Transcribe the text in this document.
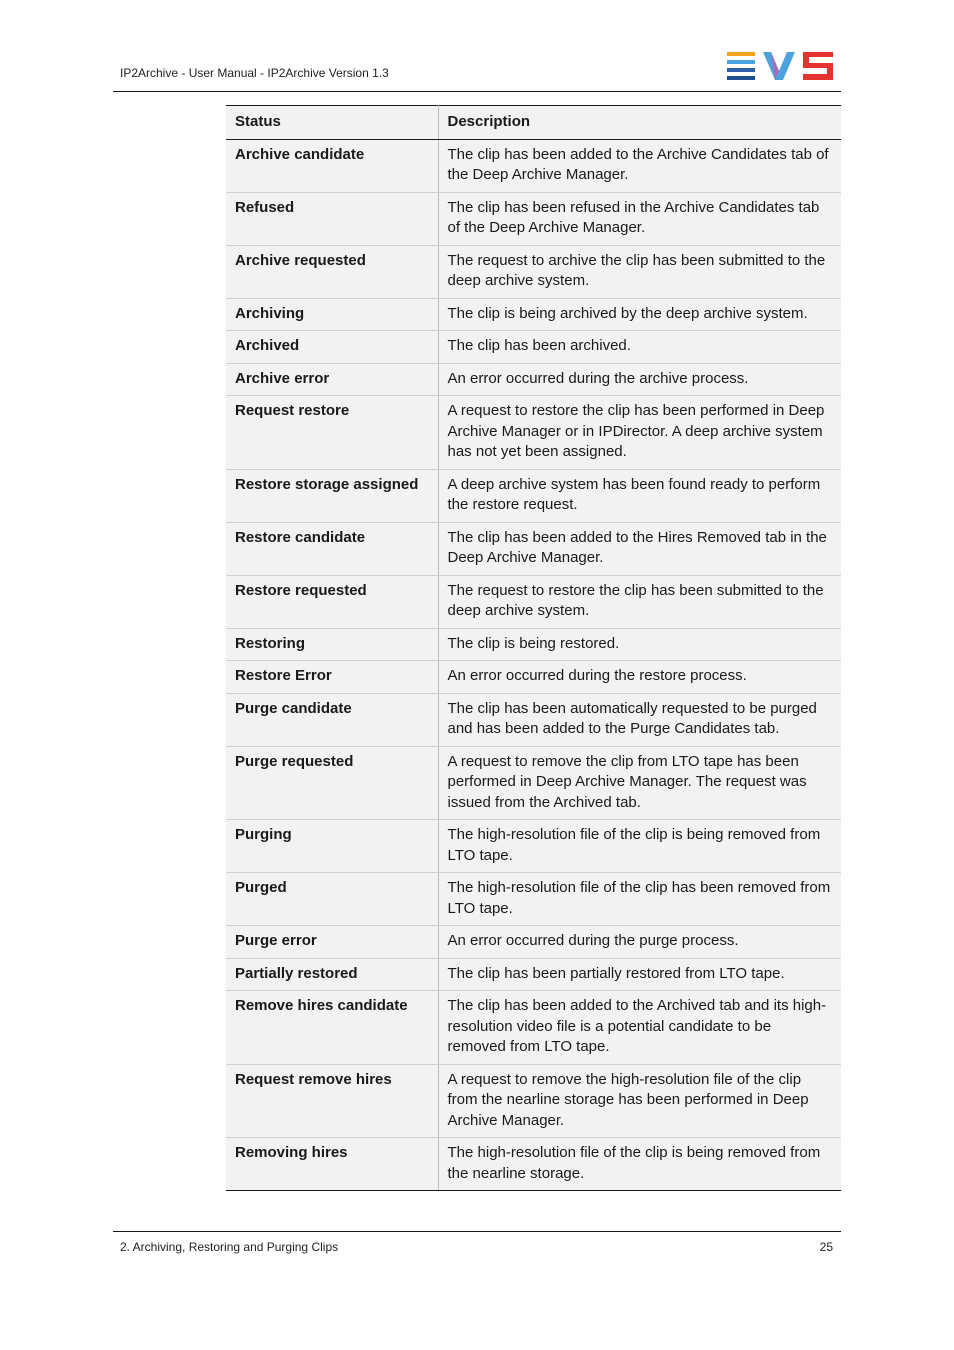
IP2Archive - User Manual - IP2Archive Version 1.3
Status	Description
Archive candidate	The clip has been added to the Archive Candidates tab of the Deep Archive Manager.
Refused	The clip has been refused in the Archive Candidates tab of the Deep Archive Manager.
Archive requested	The request to archive the clip has been submitted to the deep archive system.
Archiving	The clip is being archived by the deep archive system.
Archived	The clip has been archived.
Archive error	An error occurred during the archive process.
Request restore	A request to restore the clip has been performed in Deep Archive Manager or in IPDirector. A deep archive system has not yet been assigned.
Restore storage assigned	A deep archive system has been found ready to perform the restore request.
Restore candidate	The clip has been added to the Hires Removed tab in the Deep Archive Manager.
Restore requested	The request to restore the clip has been submitted to the deep archive system.
Restoring	The clip is being restored.
Restore Error	An error occurred during the restore process.
Purge candidate	The clip has been automatically requested to be purged and has been added to the Purge Candidates tab.
Purge requested	A request to remove the clip from LTO tape has been performed in Deep Archive Manager. The request was issued from the Archived tab.
Purging	The high-resolution file of the clip is being removed from LTO tape.
Purged	The high-resolution file of the clip has been removed from LTO tape.
Purge error	An error occurred during the purge process.
Partially restored	The clip has been partially restored from LTO tape.
Remove hires candidate	The clip has been added to the Archived tab and its high-resolution video file is a potential candidate to be removed from LTO tape.
Request remove hires	A request to remove the high-resolution file of the clip from the nearline storage has been performed in Deep Archive Manager.
Removing hires	The high-resolution file of the clip is being removed from the nearline storage.
2. Archiving, Restoring and Purging Clips	25
